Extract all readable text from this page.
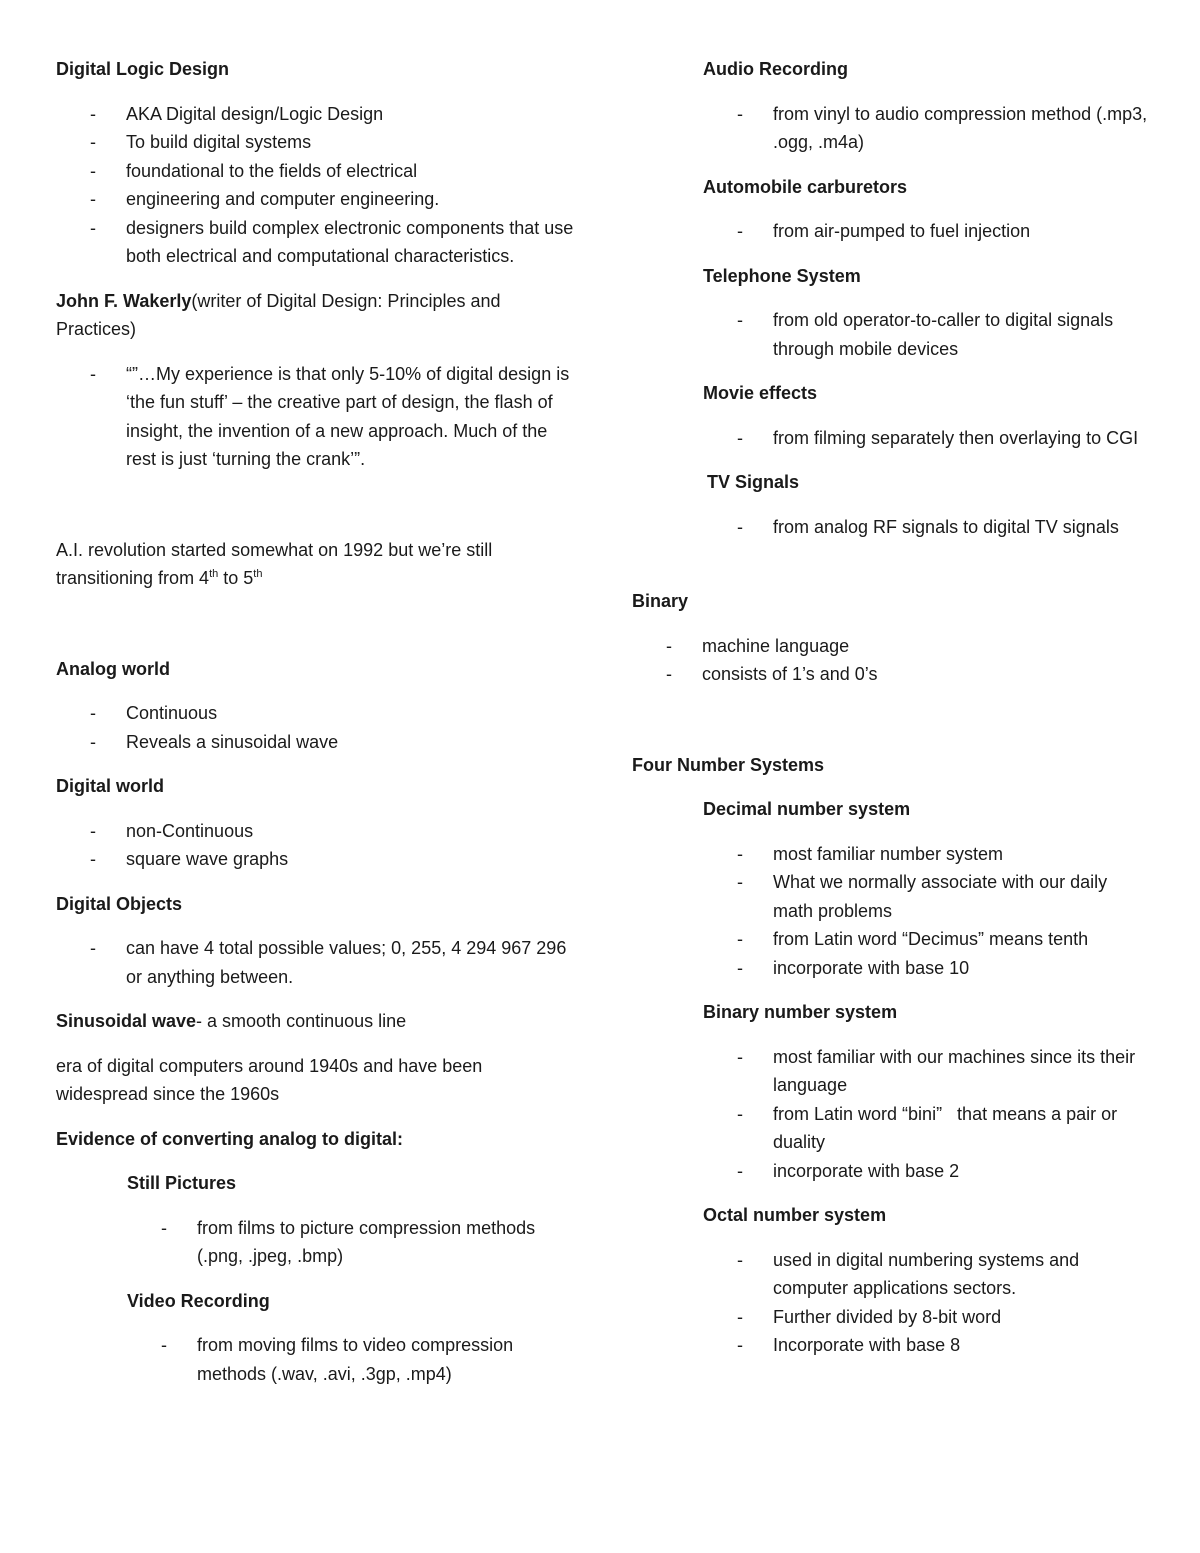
Digital Logic Design
- AKA Digital design/Logic Design
- To build digital systems
- foundational to the fields of electrical
- engineering and computer engineering.
- designers build complex electronic components that use both electrical and computational characteristics.
John F. Wakerly(writer of Digital Design: Principles and Practices)
- “”…My experience is that only 5-10% of digital design is ‘the fun stuff’ – the creative part of design, the flash of insight, the invention of a new approach. Much of the rest is just ‘turning the crank’”.
A.I. revolution started somewhat on 1992 but we’re still transitioning from 4th to 5th
Analog world
- Continuous
- Reveals a sinusoidal wave
Digital world
- non-Continuous
- square wave graphs
Digital Objects
- can have 4 total possible values; 0, 255, 4 294 967 296 or anything between.
Sinusoidal wave- a smooth continuous line
era of digital computers around 1940s and have been widespread since the 1960s
Evidence of converting analog to digital:
Still Pictures
- from films to picture compression methods (.png, .jpeg, .bmp)
Video Recording
- from moving films to video compression methods (.wav, .avi, .3gp, .mp4)
Audio Recording
- from vinyl to audio compression method (.mp3, .ogg, .m4a)
Automobile carburetors
- from air-pumped to fuel injection
Telephone System
- from old operator-to-caller to digital signals through mobile devices
Movie effects
- from filming separately then overlaying to CGI
TV Signals
- from analog RF signals to digital TV signals
Binary
- machine language
- consists of 1’s and 0’s
Four Number Systems
Decimal number system
- most familiar number system
- What we normally associate with our daily math problems
- from Latin word “Decimus” means tenth
- incorporate with base 10
Binary number system
- most familiar with our machines since its their language
- from Latin word “bini”   that means a pair or duality
- incorporate with base 2
Octal number system
- used in digital numbering systems and computer applications sectors.
- Further divided by 8-bit word
- Incorporate with base 8
